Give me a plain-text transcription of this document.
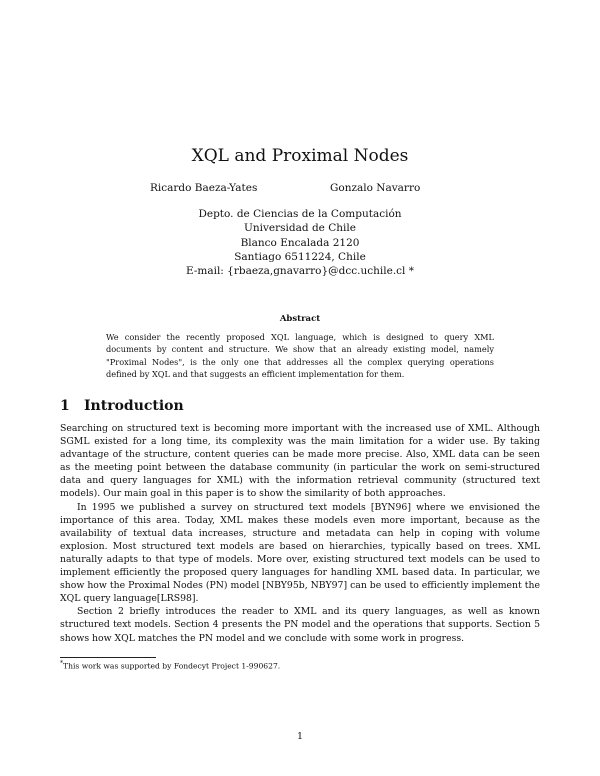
XQL and Proximal Nodes
Ricardo Baeza-Yates	Gonzalo Navarro
Depto. de Ciencias de la Computación
Universidad de Chile
Blanco Encalada 2120
Santiago 6511224, Chile
E-mail: {rbaeza,gnavarro}@dcc.uchile.cl *
Abstract
We consider the recently proposed XQL language, which is designed to query XML documents by content and structure. We show that an already existing model, namely "Proximal Nodes", is the only one that addresses all the complex querying operations defined by XQL and that suggests an efficient implementation for them.
1 Introduction

Searching on structured text is becoming more important with the increased use of XML. Although SGML existed for a long time, its complexity was the main limitation for a wider use. By taking advantage of the structure, content queries can be made more precise. Also, XML data can be seen as the meeting point between the database community (in particular the work on semi-structured data and query languages for XML) with the information retrieval community (structured text models). Our main goal in this paper is to show the similarity of both approaches.

In 1995 we published a survey on structured text models [BYN96] where we envisioned the importance of this area. Today, XML makes these models even more important, because as the availability of textual data increases, structure and metadata can help in coping with volume explosion. Most structured text models are based on hierarchies, typically based on trees. XML naturally adapts to that type of models. More over, existing structured text models can be used to implement efficiently the proposed query languages for handling XML based data. In particular, we show how the Proximal Nodes (PN) model [NBY95b, NBY97] can be used to efficiently implement the XQL query language[LRS98].

Section 2 briefly introduces the reader to XML and its query languages, as well as known structured text models. Section 4 presents the PN model and the operations that supports. Section 5 shows how XQL matches the PN model and we conclude with some work in progress.

*This work was supported by Fondecyt Project 1-990627.
1
